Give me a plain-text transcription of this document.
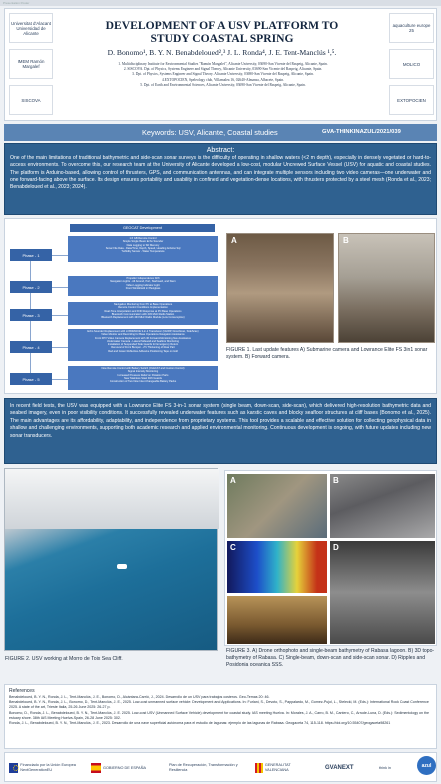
Presentation Poster
Universitat d'Alacant Universidad de Alicante
IMEM Ramón Margalef
SISCOVA
aquaculture europe 25
MOLICO
EXTOPOCIEN
DEVELOPMENT OF A USV PLATFORM TO
STUDY COASTAL SPRING
D. Bonomo¹, B. Y. N. Benabdeloued²,³ J. L. Ronda⁴, J. E. Tent-Manclús ¹,⁵.
1. Multidisciplinary Institute for Environmental Studies "Ramón Margalef", Alicante University, 03690-San Vicente del Raspeig, Alicante, Spain.
2. SISCOVA. Dpt. of Physics, Systems Engineer and Signal Theory, Alicante University, 03690-San Vicente del Raspeig, Alicante, Spain.
3. Dpt. of Physics, Systems Engineer and Signal Theory. Alicante University, 03690-San Vicente del Raspeig, Alicante, Spain.
4.EXTOPOCIEN, Speleology club, Villamalea 16, 02640-Almansa, Albacete, Spain.
5. Dpt. of Earth and Environmental Sciences, Alicante University, 03690-San Vicente del Raspeig, Alicante, Spain.
Keywords: USV, Alicante, Coastal studies	GVA-THINKINAZUL/2021/039
Abstract:

One of the main limitations of traditional bathymetric and side-scan sonar surveys is the difficulty of operating in shallow waters (<2 m depth), especially in densely vegetated or hard-to-access environments. To overcome this, our research team at the University of Alicante developed a low-cost, modular Uncrewed Surface Vessel (USV) for aquatic and coastal studies. The platform is Arduino-based, allowing control of thrusters, GPS, and communication antennas, and can integrate multiple sensors including two video cameras—one underwater and one forward-facing above the surface. Its design ensures portability and usability in confined and vegetation-dense locations, with thrusters protected by a steel mesh (Ronda et al., 2023; Benabdeloued et al., 2023; 2024).

GEOCAT Development
Phase - 1
Phase - 2
Phase - 3
Phase - 4
Phase - 5
1.6 GB Remote Control
Simple Single Beam Echo Sounder
Data Logging to SD Memory
Sonar File Data - Date/Time, Depth, Speed, Heading Arduino Sql
Turbidity Sensor - Water Temperature
Propeller Independence Drift
Navigation Lights - All Around, Port, Starboard, and Stern
Video Logging Indicator Light
Front Windshield in Plexiglass
Navigation Monitoring from PC at Base Operations
Remote Control Conditions Implementation
Real-Time Interpolation and Drift Response at PC Base Operations
Bluetooth Communication with 433 MHz Radio Station
Bluetooth Replacement with 433 MHz Radio Module (Low Consumption)
Echo Sounder Replacement with LOWRANCE 3-in-1 Transducer (CHIRP, DownScan, SideScan)
Video Monitor and Recording for Base Operations Navigation Assistance
Front FPV Video Camera Replacement with 4K Forward-Monitoring Nav Assistance
Underwater Camera - Lateral Sidewall and Seafloor Monitoring
Installation of Suspended Side Guards for Emergency Return
Removal of Front Bumper - 2½ Thickening of Rear Part
Red and Green Reflective Adhesive Positioning Tape on Hull
New Remote Control with Battery Switch (OLECAT and Custom Control)
Signal Intensity Monitoring
Increased Pressure Relief on Flotation Parts
New Stainless Steel Drift Guards
Construction of Two New Inter-Changeable Battery Packs
A	B
FIGURE 1. Last update features A) Submarine camera and Lowrance Elite FS 3in1 sonar system. B) Forward camera.

In recent field tests, the USV was equipped with a Lowrance Elite FS 3-in-1 sonar system (single beam, down-scan, side-scan), which delivered high-resolution bathymetric data and seabed imagery, even in poor visibility conditions. It successfully revealed underwater features such as karstic caves and blocky seafloor structures at cliff bases (Bonomo et al., 2025). The main advantages are its affordability, adaptability, and independence from proprietary systems. This tool provides a scalable and effective solution for collecting geophysical data in shallow and challenging environments, supporting both academic research and applied environmental monitoring. Continuous development is ongoing, with future updates including new sonar transducers.

FIGURE 2. USV working at Morro de Toix Sea Cliff.
A	B
C	D
FIGURE 3. A) Drone orthophoto and single-beam bathymetry of Rabasa lagoon. B) 3D topo-bathymetry of Rabasa. C) Single-beam, down-scan and side-scan sonar. D) Ripples and Posidonia oceanica SSS.
References

Benabdeloued, B. Y. N., Ronda, J. L., Tent-Manclús, J. E., Bonomo, D., Alcántara-Carrió, J., 2024. Desarrollo de un USV para trabajos costeros. Geo-Temas 20: 46.

Benabdeloued, B. Y. N., Ronda, J. L., Bonomo, D., Tent-Manclús, J. E., 2025. Low-cost unmanned surface vehicle: Development and Applications. In: Furlani, S., Devoto, S., Pappalardo, M., Gomez-Pujol, L., Stelecki, M. (Eds.): International Rock Coast Conference 2025. A state of the art, Trieste Italia, 25-26 June 2025: 26-27 p.

Bonomo, D., Ronda, J. L., Benabdeloued, B. Y. N., Tent-Manclús, J. E. 2025. Low-cost USV (Unmanned Surface Vehicle) development for coastal study. IAS meeting Huelva. In: Morales, J. A., Carro, B. M., Cantero, C., Arrude-Luna, D. (Eds.): Sedimentology on the estuary shore. 38th IAS Meeting Huelva-Spain, 26-28 June 2025: 302.

Ronda, J. L., Benabdeloued, B. Y. N., Tent-Manclús, J. E., 2023. Desarrollo de una nave superficial autónoma para el estudio de lagunas: ejemplo de las lagunas de Rabasa. Geogaceta 74, 115-118. https://doi.org/10.55407/geogaceta98261

Financiado por la Unión Europea NextGenerationEU
GOBIERNO DE ESPAÑA
Plan de Recuperación, Transformación y Resiliencia
GENERALITAT VALENCIANA	GVANEXT	think in	azul
